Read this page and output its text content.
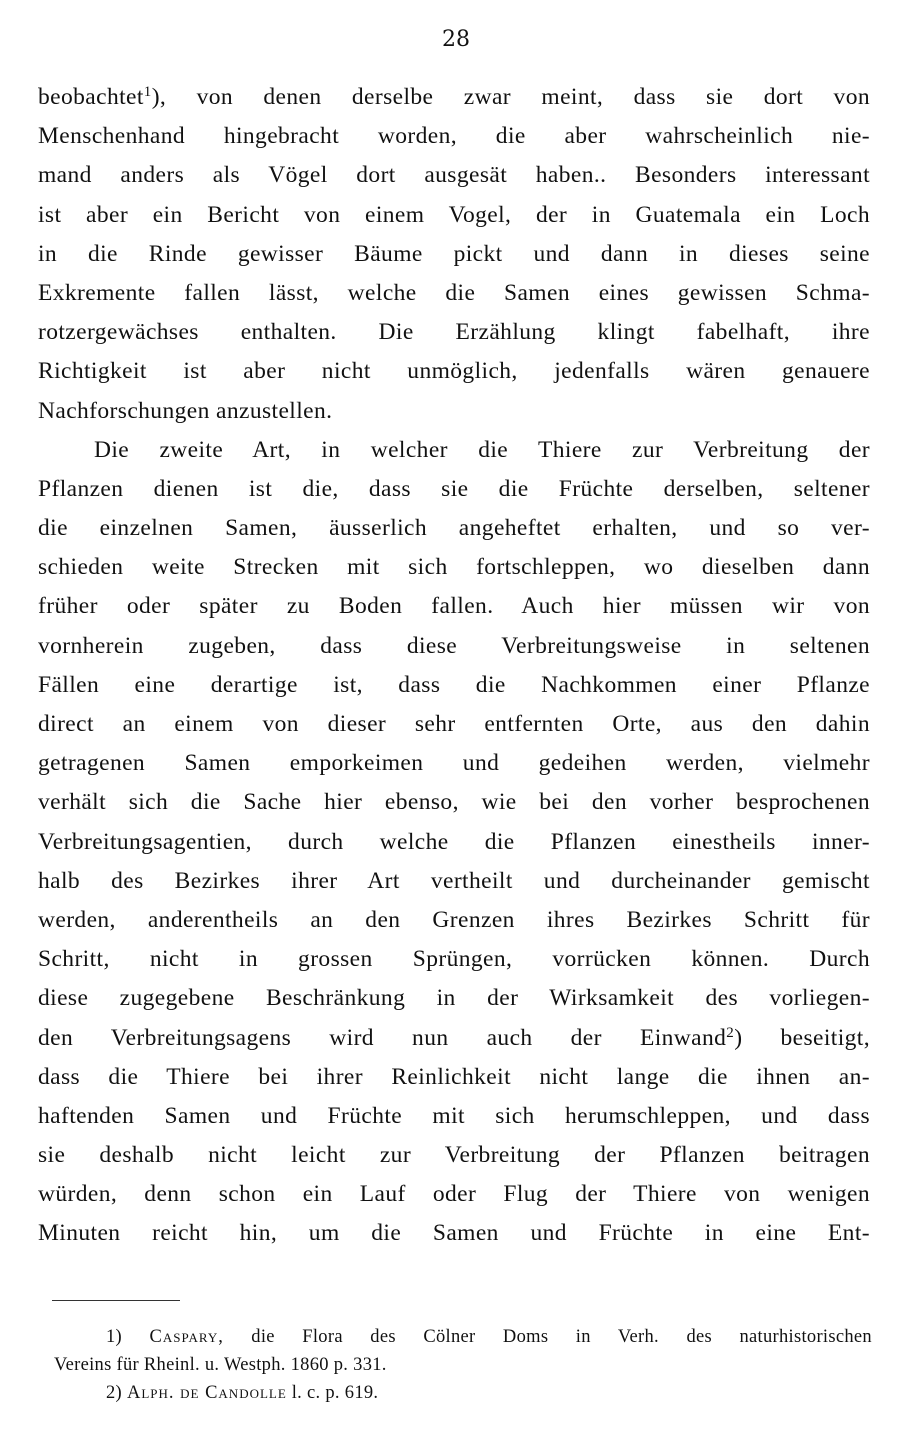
28
beobachtet$^1$), von denen derselbe zwar meint, dass sie dort von
Menschenhand hingebracht worden, die aber wahrscheinlich nie-
mand anders als Vögel dort ausgesät haben.. Besonders interessant
ist aber ein Bericht von einem Vogel, der in Guatemala ein Loch
in die Rinde gewisser Bäume pickt und dann in dieses seine
Exkremente fallen lässt, welche die Samen eines gewissen Schma-
rotzergewächses enthalten. Die Erzählung klingt fabelhaft, ihre
Richtigkeit ist aber nicht unmöglich, jedenfalls wären genauere
Nachforschungen anzustellen.
Die zweite Art, in welcher die Thiere zur Verbreitung der
Pflanzen dienen ist die, dass sie die Früchte derselben, seltener
die einzelnen Samen, äusserlich angeheftet erhalten, und so ver-
schieden weite Strecken mit sich fortschleppen, wo dieselben dann
früher oder später zu Boden fallen. Auch hier müssen wir von
vornherein zugeben, dass diese Verbreitungsweise in seltenen
Fällen eine derartige ist, dass die Nachkommen einer Pflanze
direct an einem von dieser sehr entfernten Orte, aus den dahin
getragenen Samen emporkeimen und gedeihen werden, vielmehr
verhält sich die Sache hier ebenso, wie bei den vorher besprochenen
Verbreitungsagentien, durch welche die Pflanzen einestheils inner-
halb des Bezirkes ihrer Art vertheilt und durcheinander gemischt
werden, anderentheils an den Grenzen ihres Bezirkes Schritt für
Schritt, nicht in grossen Sprüngen, vorrücken können. Durch
diese zugegebene Beschränkung in der Wirksamkeit des vorliegen-
den Verbreitungsagens wird nun auch der Einwand$^2$) beseitigt,
dass die Thiere bei ihrer Reinlichkeit nicht lange die ihnen an-
haftenden Samen und Früchte mit sich herumschleppen, und dass
sie deshalb nicht leicht zur Verbreitung der Pflanzen beitragen
würden, denn schon ein Lauf oder Flug der Thiere von wenigen
Minuten reicht hin, um die Samen und Früchte in eine Ent-
1) Caspary, die Flora des Cölner Doms in Verh. des naturhistorischen
Vereins für Rheinl. u. Westph. 1860 p. 331.
2) Alph. de Candolle l. c. p. 619.
